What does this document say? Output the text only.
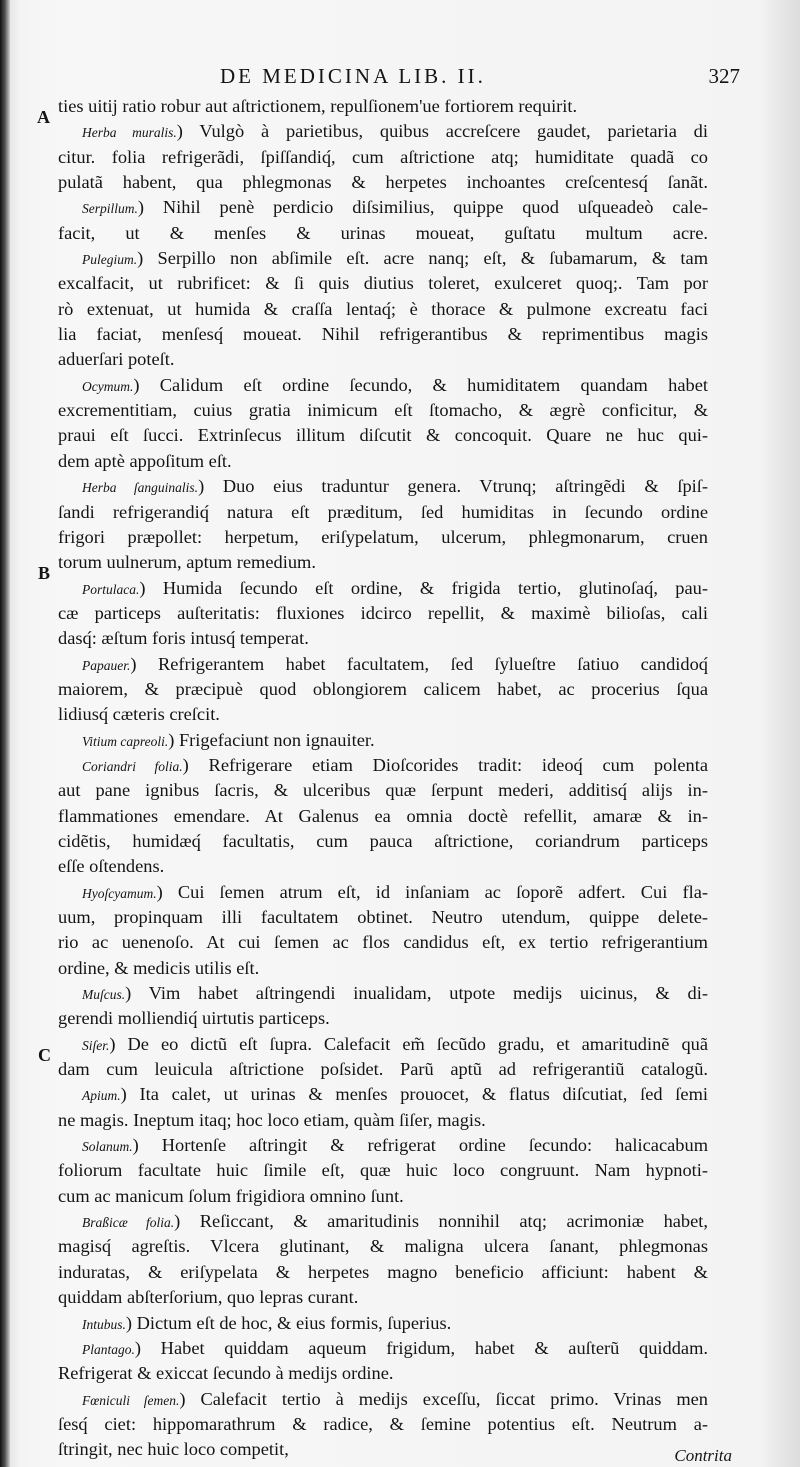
DE MEDICINA LIB. II.	327
A
B
C
ties uitij ratio robur aut aſtrictionem, repulſionem'ue fortiorem requirit.
Herba muralis.) Vulgò à parietibus, quibus accreſcere gaudet, parietaria di
citur. folia refrigerãdi, ſpiſſandiq́, cum aſtrictione atq; humiditate quadã co
pulatã habent, qua phlegmonas & herpetes inchoantes creſcentesq́ ſanãt.
Serpillum.) Nihil penè perdicio diſsimilius, quippe quod uſqueadeò cale-
facit, ut & menſes & urinas moueat, guſtatu multum acre.
Pulegium.) Serpillo non abſimile eſt. acre nanq; eſt, & ſubamarum, & tam
excalfacit, ut rubrificet: & ſi quis diutius toleret, exulceret quoq;. Tam por
rò extenuat, ut humida & craſſa lentaq́; è thorace & pulmone excreatu faci
lia faciat, menſesq́ moueat. Nihil refrigerantibus & reprimentibus magis
aduerſari poteſt.
Ocymum.) Calidum eſt ordine ſecundo, & humiditatem quandam habet
excrementitiam, cuius gratia inimicum eſt ſtomacho, & ægrè conficitur, &
praui eſt ſucci. Extrinſecus illitum diſcutit & concoquit. Quare ne huc qui-
dem aptè appoſitum eſt.
Herba ſanguinalis.) Duo eius traduntur genera. Vtrunq; aſtringẽdi & ſpiſ-
ſandi refrigerandiq́ natura eſt præditum, ſed humiditas in ſecundo ordine
frigori præpollet: herpetum, eriſypelatum, ulcerum, phlegmonarum, cruen
torum uulnerum, aptum remedium.
Portulaca.) Humida ſecundo eſt ordine, & frigida tertio, glutinoſaq́, pau-
cæ particeps auſteritatis: fluxiones idcirco repellit, & maximè bilioſas, cali
dasq́: æſtum foris intusq́ temperat.
Papauer.) Refrigerantem habet facultatem, ſed ſylueſtre ſatiuo candidoq́
maiorem, & præcipuè quod oblongiorem calicem habet, ac procerius ſqua
lidiusq́ cæteris creſcit.
Vitium capreoli.) Frigefaciunt non ignauiter.
Coriandri folia.) Refrigerare etiam Dioſcorides tradit: ideoq́ cum polenta
aut pane ignibus ſacris, & ulceribus quæ ſerpunt mederi, additisq́ alijs in-
flammationes emendare. At Galenus ea omnia doctè refellit, amaræ & in-
cidẽtis, humidæq́ facultatis, cum pauca aſtrictione, coriandrum particeps
eſſe oſtendens.
Hyoſcyamum.) Cui ſemen atrum eſt, id inſaniam ac ſoporẽ adfert. Cui fla-
uum, propinquam illi facultatem obtinet. Neutro utendum, quippe delete-
rio ac uenenoſo. At cui ſemen ac flos candidus eſt, ex tertio refrigerantium
ordine, & medicis utilis eſt.
Muſcus.) Vim habet aſtringendi inualidam, utpote medijs uicinus, & di-
gerendi molliendiq́ uirtutis particeps.
Siſer.) De eo dictũ eſt ſupra. Calefacit em̃ ſecũdo gradu, et amaritudinẽ quã
dam cum leuicula aſtrictione poſsidet. Parũ aptũ ad refrigerantiũ catalogũ.
Apium.) Ita calet, ut urinas & menſes prouocet, & flatus diſcutiat, ſed ſemi
ne magis. Ineptum itaq; hoc loco etiam, quàm ſiſer, magis.
Solanum.) Hortenſe aſtringit & refrigerat ordine ſecundo: halicacabum
foliorum facultate huic ſimile eſt, quæ huic loco congruunt. Nam hypnoti-
cum ac manicum ſolum frigidiora omnino ſunt.
Braßicæ folia.) Reſiccant, & amaritudinis nonnihil atq; acrimoniæ habet,
magisq́ agreſtis. Vlcera glutinant, & maligna ulcera ſanant, phlegmonas
induratas, & eriſypelata & herpetes magno beneficio afficiunt: habent &
quiddam abſterſorium, quo lepras curant.
Intubus.) Dictum eſt de hoc, & eius formis, ſuperius.
Plantago.) Habet quiddam aqueum frigidum, habet & auſterũ quiddam.
Refrigerat & exiccat ſecundo à medijs ordine.
Fœniculi ſemen.) Calefacit tertio à medijs exceſſu, ſiccat primo. Vrinas men
ſesq́ ciet: hippomarathrum & radice, & ſemine potentius eſt. Neutrum a-
ſtringit, nec huic loco competit,	Contrita
